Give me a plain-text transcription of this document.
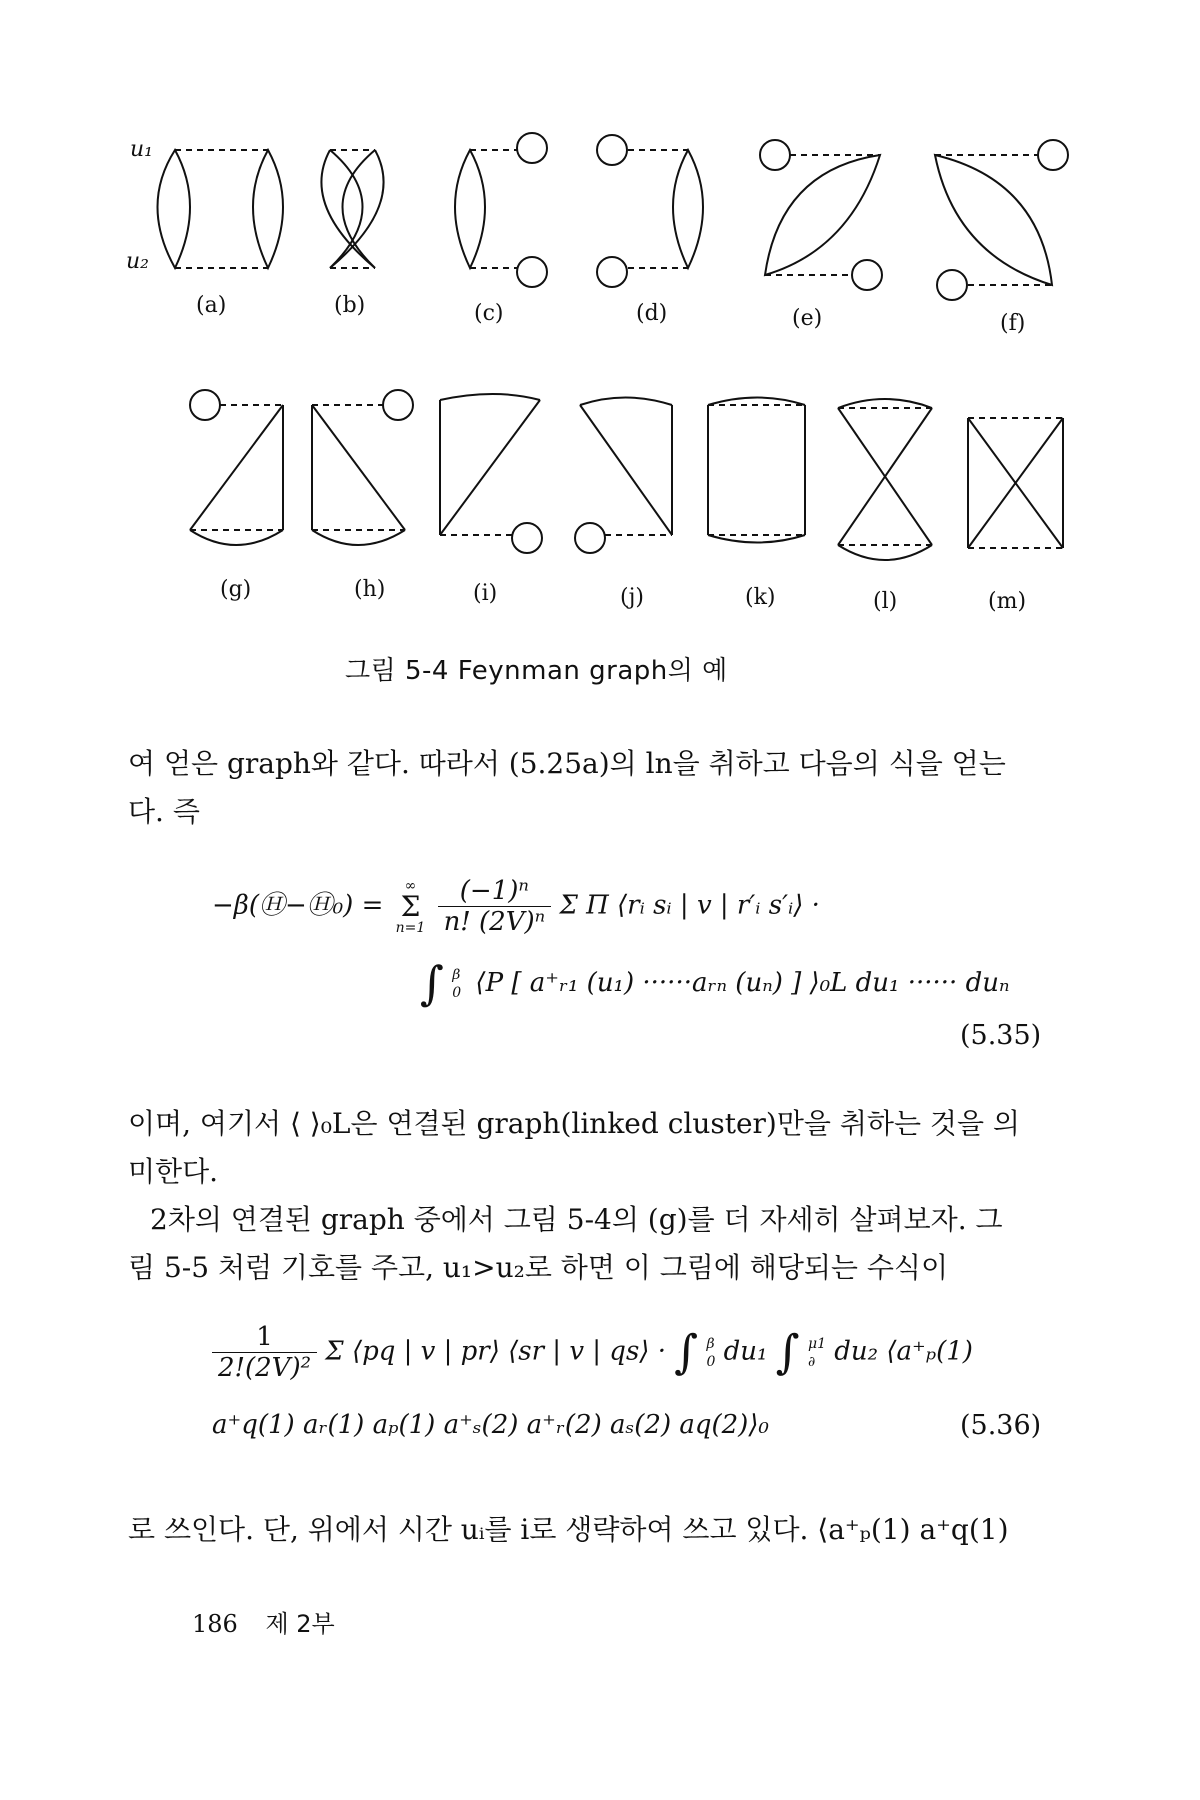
u₁
u₂
(a)	(b)	(c)	(d)	(e)	(f)
(g)	(h)	(i)	(j)	(k)	(l)	(m)
그림 5-4 Feynman graph의 예
여 얻은 graph와 같다. 따라서 (5.25a)의 ln을 취하고 다음의 식을 얻는
다. 즉
−β(Ⓗ−Ⓗ₀) =
∞
Σ
n=1
$\frac{\text{(−1)ⁿ}}{\text{n! (2V)ⁿ}}$ Σ Π ⟨rᵢ sᵢ | v | r′ᵢ s′ᵢ⟩ ·
∫ β
0 ⟨P [ a⁺ᵣ₁ (u₁) ······aᵣₙ (uₙ) ] ⟩₀L du₁ ······ duₙ
(5.35)
이며, 여기서 ⟨ ⟩₀L은 연결된 graph(linked cluster)만을 취하는 것을 의
미한다.
2차의 연결된 graph 중에서 그림 5-4의 (g)를 더 자세히 살펴보자. 그
림 5-5 처럼 기호를 주고, u₁>u₂로 하면 이 그림에 해당되는 수식이
$\frac{1}{\text{2!(2V)²}}$ Σ ⟨pq | v | pr⟩ ⟨sr | v | qs⟩ · ∫ β
0 du₁ ∫ μ1
∂ du₂ ⟨a⁺ₚ(1)
a⁺q(1) aᵣ(1) aₚ(1) a⁺ₛ(2) a⁺ᵣ(2) aₛ(2) aq(2)⟩₀	(5.36)
로 쓰인다. 단, 위에서 시간 uᵢ를 i로 생략하여 쓰고 있다. ⟨a⁺ₚ(1) a⁺q(1)
186 제 2부
